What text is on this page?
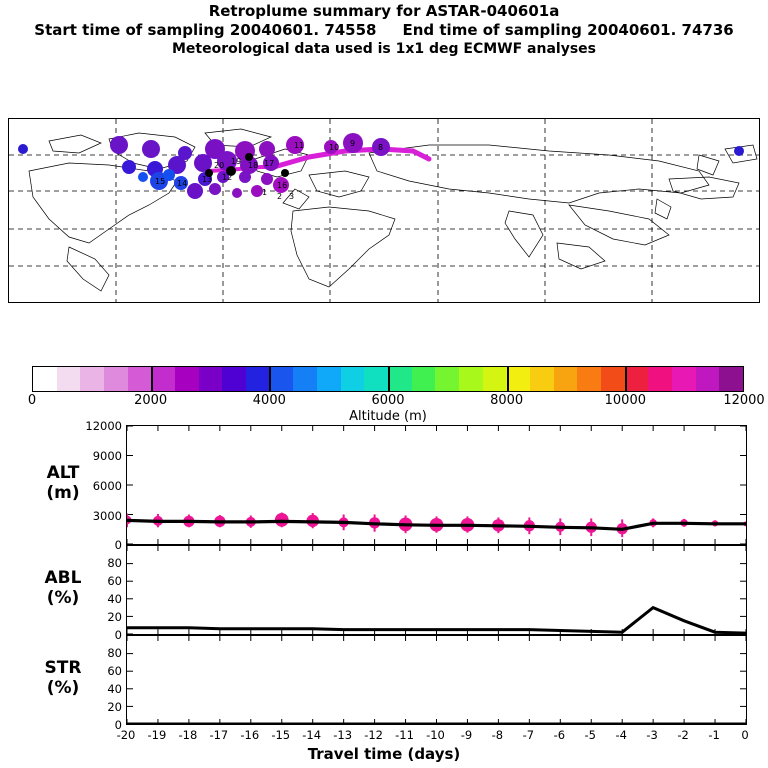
Retroplume summary for ASTAR-040601a
Start time of sampling 20040601. 74558 End time of sampling 20040601. 74736
Meteorological data used is 1x1 deg ECMWF analyses
20 19 18 17
16
11	10 9	8
15 14 13 12
1 2 3
0	2000	4000	6000	8000	10000	12000
Altitude (m)
12000
9000
6000
3000
0
80
60
40
20
0
80
60
40
20
0
ALT
(m)
ABL
(%)
STR
(%)
-20	-19	-18	-17	-16	-15	-14	-13	-12	-11	-10	-9	-8	-7	-6	-5	-4	-3	-2	-1	0
Travel time (days)
